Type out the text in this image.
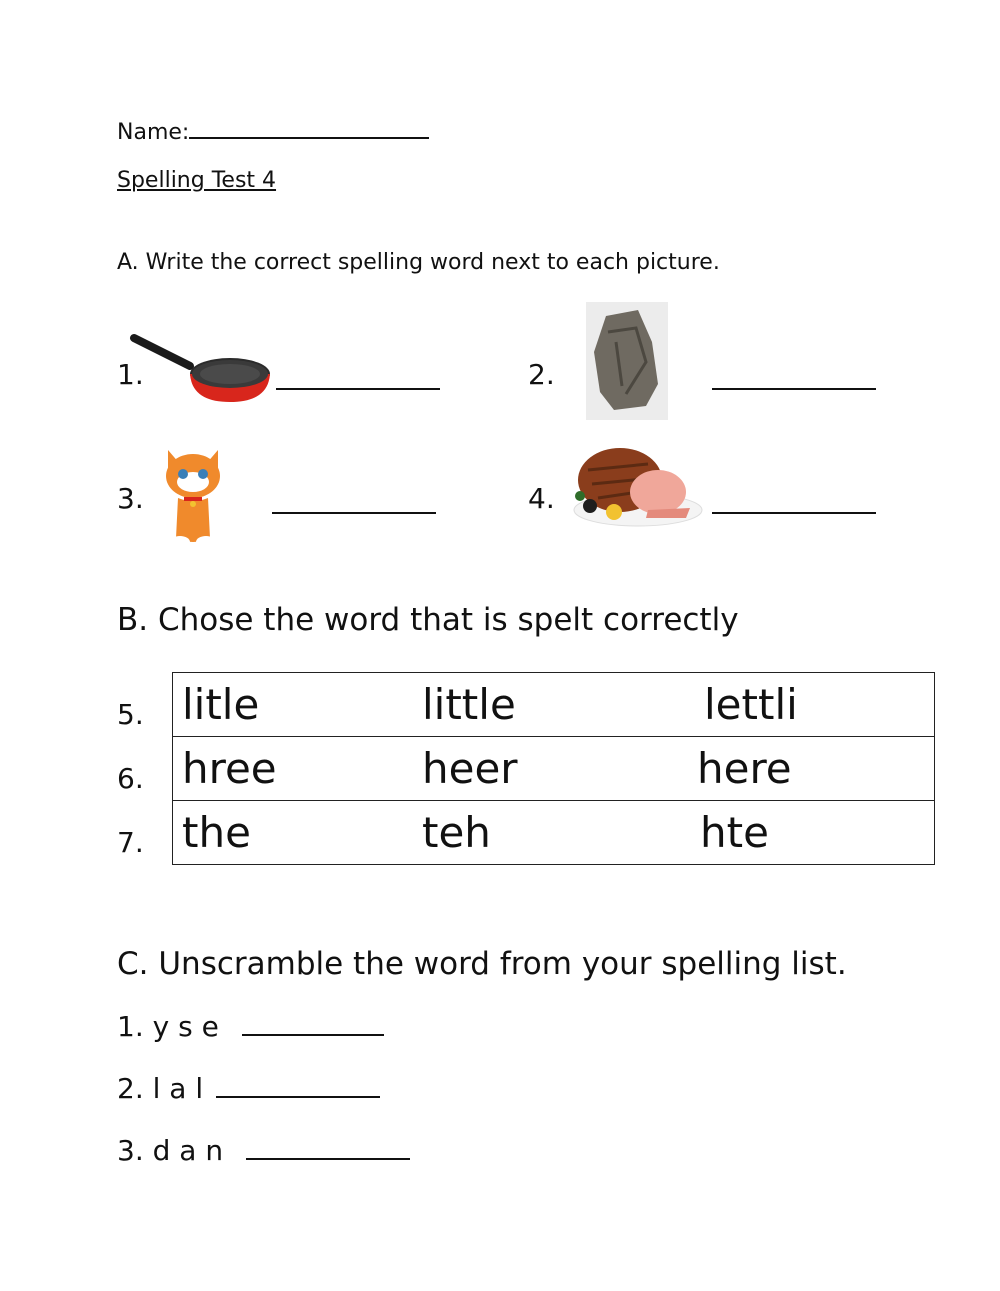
Name:
Spelling Test 4
A. Write the correct spelling word next to each picture.
1.	2.
3.	4.
B. Chose the word that is spelt correctly
5.
6.
7.
litle	little	lettli
hree	heer	here
the	teh	hte
C. Unscramble the word from your spelling list.
1. y s e
2. l a l
3. d a n
